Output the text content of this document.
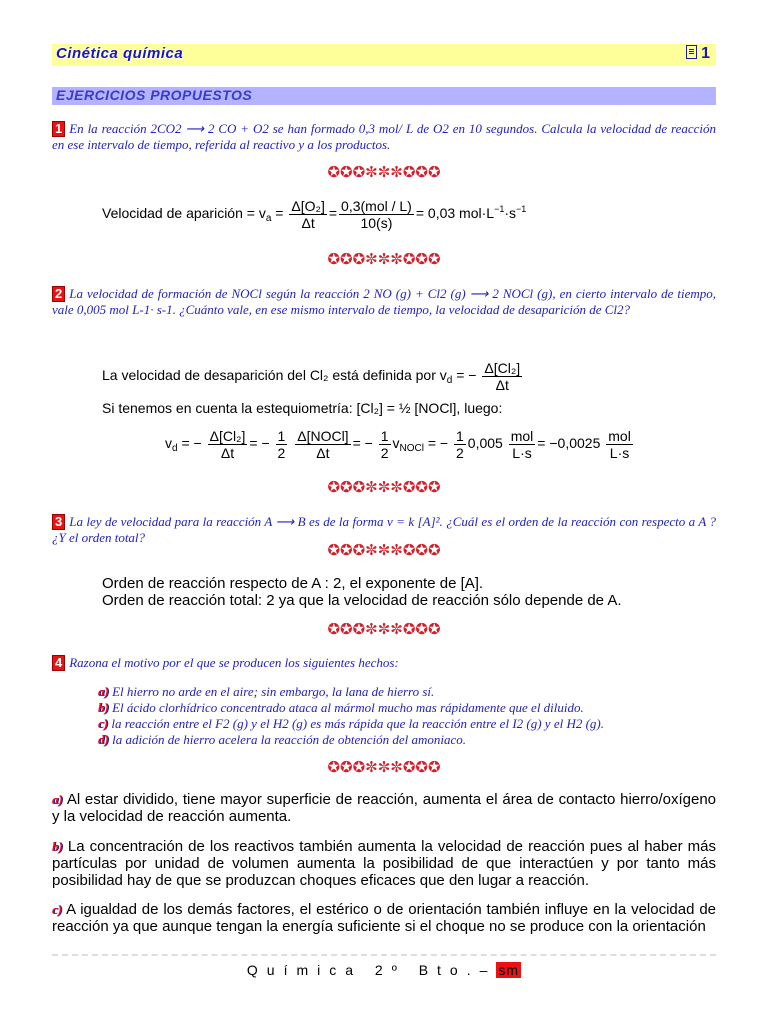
Cinética química	1
EJERCICIOS PROPUESTOS
1 En la reacción 2CO2 ⟶ 2 CO + O2 se han formado 0,3 mol/ L de O2 en 10 segundos. Calcula la velocidad de reacción en ese intervalo de tiempo, referida al reactivo y a los productos.
✪✪✪✼✼✼✪✪✪
Velocidad de aparición = $v_a = \frac{\text{Δ[O₂]}}{\Delta t} = \frac{\text{0,3(mol / L)}}{10(s)} = 0,03$ $mol\cdot L^{-1}\cdot s^{-1}$
✪✪✪✼✼✼✪✪✪
2 La velocidad de formación de NOCl según la reacción 2 NO (g) + Cl2 (g) ⟶ 2 NOCl (g), en cierto intervalo de tiempo, vale 0,005 mol L-1· s-1. ¿Cuánto vale, en ese mismo intervalo de tiempo, la velocidad de desaparición de Cl2?
La velocidad de desaparición del Cl₂ está definida por $v_d$ = − $\frac{\text{Δ[Cl₂]}}{\Delta t}$
Si tenemos en cuenta la estequiometría: [Cl₂] = ½ [NOCl], luego:
$v_d$ = − $\frac{\text{Δ[Cl₂]}}{\Delta t}$ = − $\frac{1}{2}$
$\frac{\text{Δ[NOCl]}}{\Delta t}$ = − $\frac{1}{2} v_{NOCl}$ = − $\frac{1}{2} 0,005 \frac{\text{mol}}{L\cdot s} = -0,0025 \frac{\text{mol}}{L\cdot s}$
✪✪✪✼✼✼✪✪✪
3 La ley de velocidad para la reacción A ⟶ B es de la forma v = k [A]². ¿Cuál es el orden de la reacción con respecto a A ? ¿Y el orden total?
✪✪✪✼✼✼✪✪✪
Orden de reacción respecto de A : 2, el exponente de [A].
Orden de reacción total: 2 ya que la velocidad de reacción sólo depende de A.
✪✪✪✼✼✼✪✪✪
4 Razona el motivo por el que se producen los siguientes hechos:
a) El hierro no arde en el aire; sin embargo, la lana de hierro sí.
b) El ácido clorhídrico concentrado ataca al mármol mucho mas rápidamente que el diluido.
c) la reacción entre el F2 (g) y el H2 (g) es más rápida que la reacción entre el I2 (g) y el H2 (g).
d) la adición de hierro acelera la reacción de obtención del amoniaco.
✪✪✪✼✼✼✪✪✪
a) Al estar dividido, tiene mayor superficie de reacción, aumenta el área de contacto hierro/oxígeno y la velocidad de reacción aumenta.
b) La concentración de los reactivos también aumenta la velocidad de reacción pues al haber más partículas por unidad de volumen aumenta la posibilidad de que interactúen y por tanto más posibilidad hay de que se produzcan choques eficaces que den lugar a reacción.
c) A igualdad de los demás factores, el estérico o de orientación también influye en la velocidad de reacción ya que aunque tengan la energía suficiente si el choque no se produce con la orientación
Química 2º Bto.– sm
